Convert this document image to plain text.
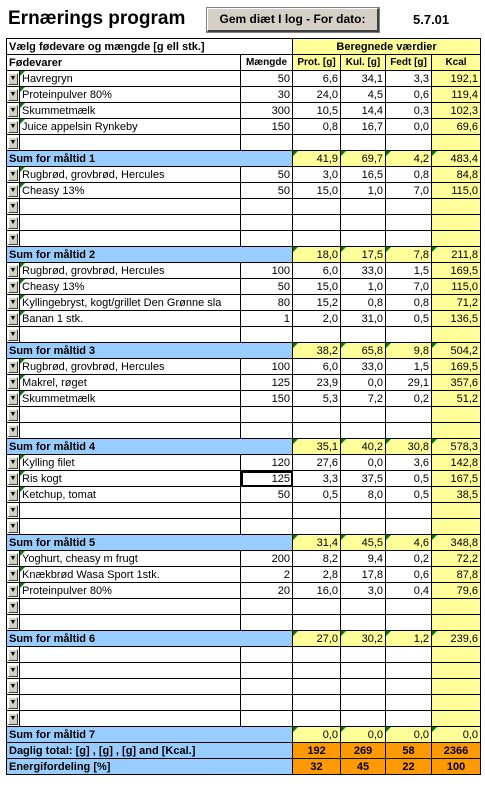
Ernærings program	Gem diæt I log - For dato:	5.7.01
Vælg fødevare og mængde [g ell stk.]			Beregnede værdier			
Fødevarer		Mængde	Prot. [g]	Kul. [g]	Fedt [g]	Kcal

▼	Havregryn	50	6,6	34,1	3,3	192,1

▼	Proteinpulver 80%	30	24,0	4,5	0,6	119,4

▼	Skummetmælk	300	10,5	14,4	0,3	102,3

▼	Juice appelsin Rynkeby	150	0,8	16,7	0,0	69,6

▼						

Sum for måltid 1			41,9	69,7	4,2	483,4

▼	Rugbrød, grovbrød, Hercules	50	3,0	16,5	0,8	84,8

▼	Cheasy 13%	50	15,0	1,0	7,0	115,0

▼						

▼						

▼						

Sum for måltid 2			18,0	17,5	7,8	211,8

▼	Rugbrød, grovbrød, Hercules	100	6,0	33,0	1,5	169,5

▼	Cheasy 13%	50	15,0	1,0	7,0	115,0

▼	Kyllingebryst, kogt/grillet Den Grønne sla	80	15,2	0,8	0,8	71,2

▼	Banan 1 stk.	1	2,0	31,0	0,5	136,5

▼						

Sum for måltid 3			38,2	65,8	9,8	504,2

▼	Rugbrød, grovbrød, Hercules	100	6,0	33,0	1,5	169,5

▼	Makrel, røget	125	23,9	0,0	29,1	357,6

▼	Skummetmælk	150	5,3	7,2	0,2	51,2

▼						

▼						

Sum for måltid 4			35,1	40,2	30,8	578,3

▼	Kylling filet	120	27,6	0,0	3,6	142,8

▼	Ris kogt	125	3,3	37,5	0,5	167,5

▼	Ketchup, tomat	50	0,5	8,0	0,5	38,5

▼						

▼						

Sum for måltid 5			31,4	45,5	4,6	348,8

▼	Yoghurt, cheasy m frugt	200	8,2	9,4	0,2	72,2

▼	Knækbrød Wasa Sport 1stk.	2	2,8	17,8	0,6	87,8

▼	Proteinpulver 80%	20	16,0	3,0	0,4	79,6

▼						

▼						

Sum for måltid 6			27,0	30,2	1,2	239,6

▼						

▼						

▼						

▼						

▼						

Sum for måltid 7			0,0	0,0	0,0	0,0
Daglig total: [g] , [g] , [g] and [Kcal.]			192	269	58	2366
Energifordeling [%]			32	45	22	100
